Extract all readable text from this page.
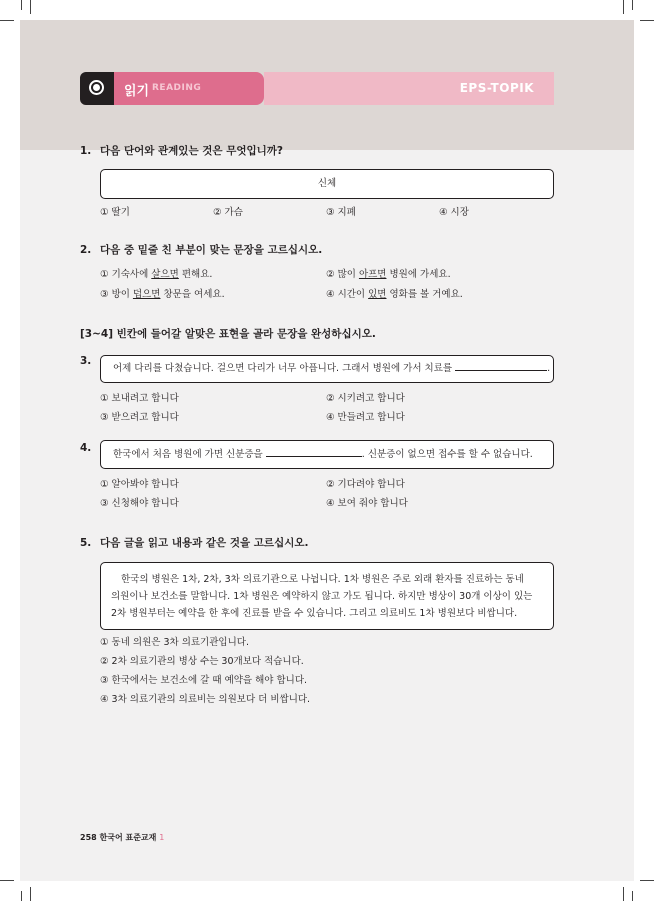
읽기 READING	EPS-TOPIK
1. 다음 단어와 관계있는 것은 무엇입니까?
신체
① 딸기	② 가슴	③ 지폐	④ 시장
2. 다음 중 밑줄 친 부분이 맞는 문장을 고르십시오.
① 기숙사에 살으면 편해요.	② 많이 아프면 병원에 가세요.
③ 방이 덥으면 창문을 여세요.	④ 시간이 있면 영화를 볼 거예요.
[3~4] 빈칸에 들어갈 알맞은 표현을 골라 문장을 완성하십시오.
3.
어제 다리를 다쳤습니다. 걸으면 다리가 너무 아픕니다. 그래서 병원에 가서 치료를	.
① 보내려고 합니다	② 시키려고 합니다
③ 받으려고 합니다	④ 만들려고 합니다
4.
한국에서 처음 병원에 가면 신분증을	. 신분증이 없으면 접수를 할 수 없습니다.
① 알아봐야 합니다	② 기다려야 합니다
③ 신청해야 합니다	④ 보여 줘야 합니다
5. 다음 글을 읽고 내용과 같은 것을 고르십시오.
한국의 병원은 1차, 2차, 3차 의료기관으로 나뉩니다. 1차 병원은 주로 외래 환자를 진료하는 동네
의원이나 보건소를 말합니다. 1차 병원은 예약하지 않고 가도 됩니다. 하지만 병상이 30개 이상이 있는
2차 병원부터는 예약을 한 후에 진료를 받을 수 있습니다. 그리고 의료비도 1차 병원보다 비쌉니다.
① 동네 의원은 3차 의료기관입니다.
② 2차 의료기관의 병상 수는 30개보다 적습니다.
③ 한국에서는 보건소에 갈 때 예약을 해야 합니다.
④ 3차 의료기관의 의료비는 의원보다 더 비쌉니다.
258 한국어 표준교재 1
